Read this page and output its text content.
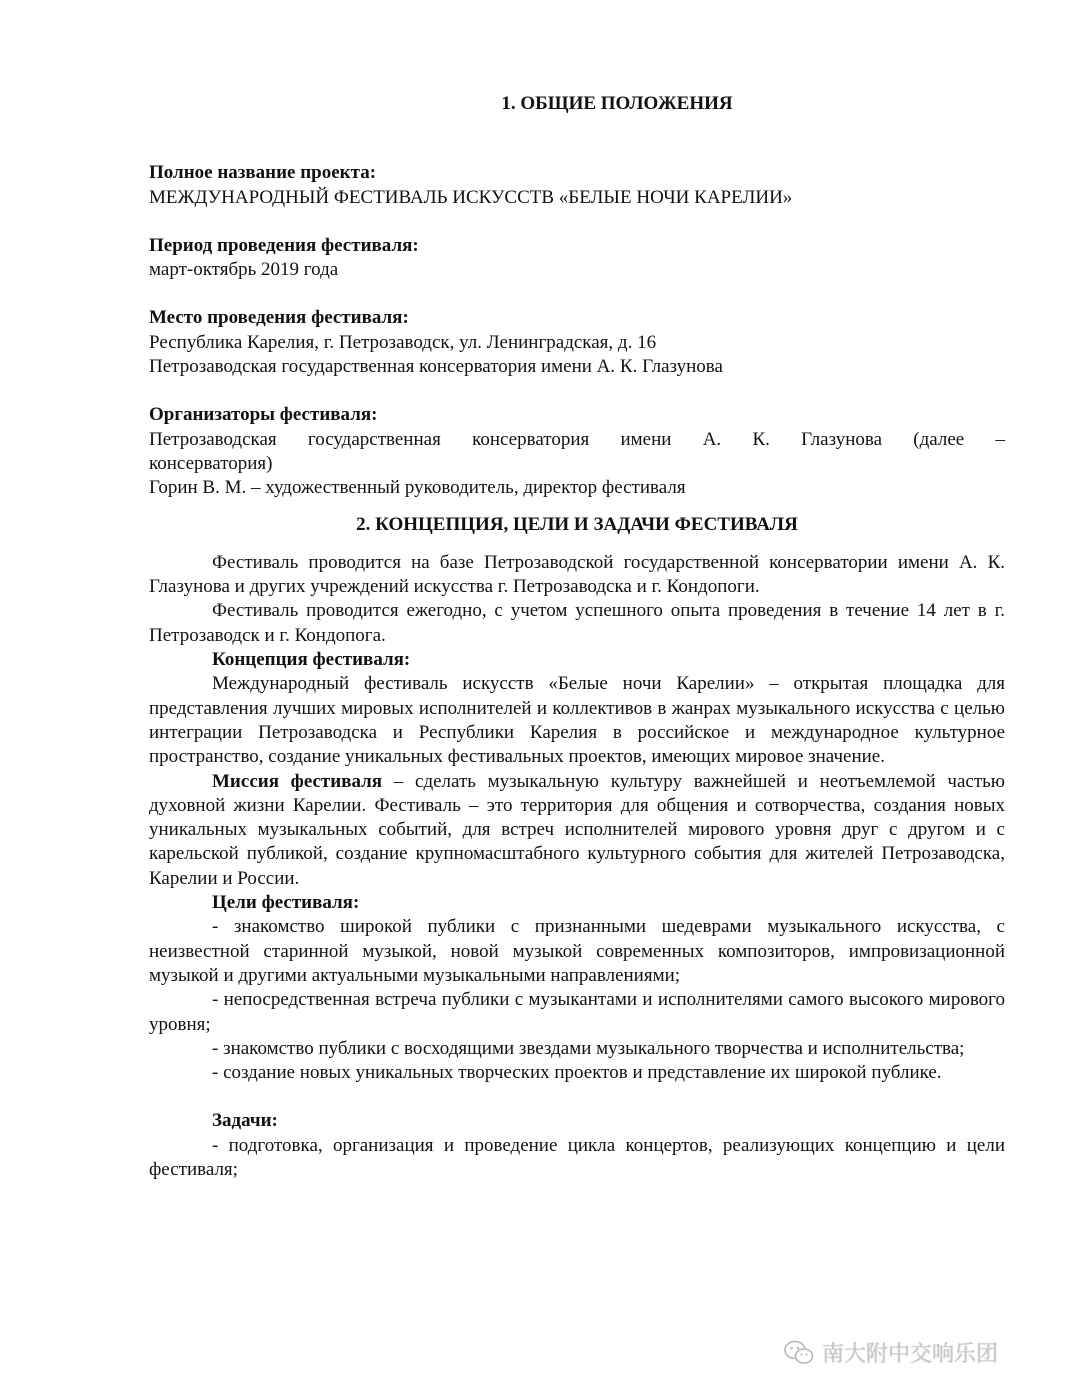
1. ОБЩИЕ ПОЛОЖЕНИЯ

Полное название проекта:

МЕЖДУНАРОДНЫЙ ФЕСТИВАЛЬ ИСКУССТВ «БЕЛЫЕ НОЧИ КАРЕЛИИ»

Период проведения фестиваля:

март-октябрь 2019 года

Место проведения фестиваля:

Республика Карелия, г. Петрозаводск, ул. Ленинградская, д. 16

Петрозаводская государственная консерватория имени А. К. Глазунова

Организаторы фестиваля:

Петрозаводская государственная консерватория имени А. К. Глазунова (далее – консерватория)

Горин В. М. – художественный руководитель, директор фестиваля

2. КОНЦЕПЦИЯ, ЦЕЛИ И ЗАДАЧИ ФЕСТИВАЛЯ

Фестиваль проводится на базе Петрозаводской государственной консерватории имени А. К. Глазунова и других учреждений искусства г. Петрозаводска и г. Кондопоги.

Фестиваль проводится ежегодно, с учетом успешного опыта проведения в течение 14 лет в г. Петрозаводск и г. Кондопога.

Концепция фестиваля:

Международный фестиваль искусств «Белые ночи Карелии» – открытая площадка для представления лучших мировых исполнителей и коллективов в жанрах музыкального искусства с целью интеграции Петрозаводска и Республики Карелия в российское и международное культурное пространство, создание уникальных фестивальных проектов, имеющих мировое значение.

Миссия фестиваля – сделать музыкальную культуру важнейшей и неотъемлемой частью духовной жизни Карелии. Фестиваль – это территория для общения и сотворчества, создания новых уникальных музыкальных событий, для встреч исполнителей мирового уровня друг с другом и с карельской публикой, создание крупномасштабного культурного события для жителей Петрозаводска, Карелии и России.

Цели фестиваля:

- знакомство широкой публики с признанными шедеврами музыкального искусства, с неизвестной старинной музыкой, новой музыкой современных композиторов, импровизационной музыкой и другими актуальными музыкальными направлениями;

- непосредственная встреча публики с музыкантами и исполнителями самого высокого мирового уровня;

- знакомство публики с восходящими звездами музыкального творчества и исполнительства;

- создание новых уникальных творческих проектов и представление их широкой публике.

Задачи:

- подготовка, организация и проведение цикла концертов, реализующих концепцию и цели фестиваля;

南大附中交响乐团
